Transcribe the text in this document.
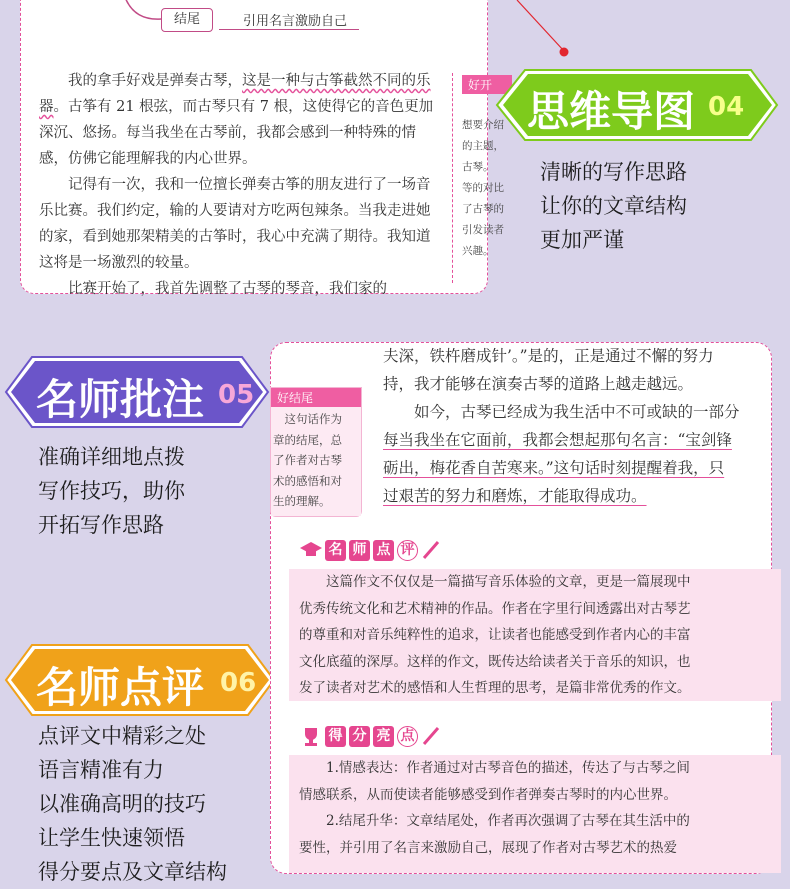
结尾	引用名言激励自己

我的拿手好戏是弹奏古琴，这是一种与古筝截然不同的乐器。古筝有 21 根弦，而古琴只有 7 根，这使得它的音色更加深沉、悠扬。每当我坐在古琴前，我都会感到一种特殊的情感，仿佛它能理解我的内心世界。

记得有一次，我和一位擅长弹奏古筝的朋友进行了一场音乐比赛。我们约定，输的人要请对方吃两包辣条。当我走进她的家，看到她那架精美的古筝时，我心中充满了期待。我知道这将是一场激烈的较量。

比赛开始了，我首先调整了古琴的琴音，我们家的

好开
想要介绍
的主题，
古琴。
等的对比
了古琴的
引发读者
兴趣。
思维导图 04
清晰的写作思路
让你的文章结构
更加严谨
名师批注 05
准确详细地点拨
写作技巧，助你
开拓写作思路
名师点评 06
点评文中精彩之处
语言精准有力
以准确高明的技巧
让学生快速领悟
得分要点及文章结构

夫深，铁杵磨成针’。”是的，正是通过不懈的努力

持，我才能够在演奏古琴的道路上越走越远。

如今，古琴已经成为我生活中不可或缺的一部分

每当我坐在它面前，我都会想起那句名言：“宝剑锋

砺出，梅花香自苦寒来。”这句话时刻提醒着我，只

过艰苦的努力和磨炼，才能取得成功。

名 师 点 评
这篇作文不仅仅是一篇描写音乐体验的文章，更是一篇展现中
优秀传统文化和艺术精神的作品。作者在字里行间透露出对古琴艺
的尊重和对音乐纯粹性的追求，让读者也能感受到作者内心的丰富
文化底蕴的深厚。这样的作文，既传达给读者关于音乐的知识，也
发了读者对艺术的感悟和人生哲理的思考，是篇非常优秀的作文。
得 分 亮 点
1.情感表达：作者通过对古琴音色的描述，传达了与古琴之间
情感联系，从而使读者能够感受到作者弹奏古琴时的内心世界。
2.结尾升华：文章结尾处，作者再次强调了古琴在其生活中的
要性，并引用了名言来激励自己，展现了作者对古琴艺术的热爱
好结尾
这句话作为
章的结尾，总
了作者对古琴
术的感悟和对
生的理解。
